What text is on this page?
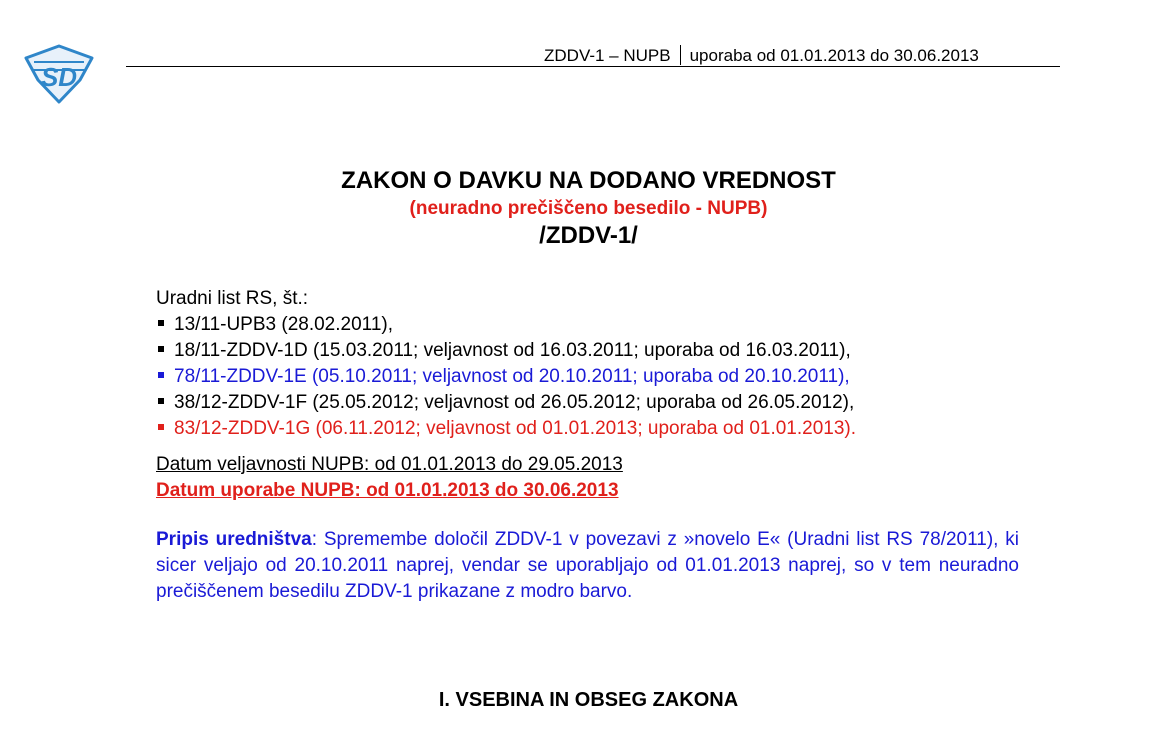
SD
ZDDV-1 – NUPB uporaba od 01.01.2013 do 30.06.2013
ZAKON O DAVKU NA DODANO VREDNOST
(neuradno prečiščeno besedilo - NUPB)
/ZDDV-1/
Uradni list RS, št.:
13/11-UPB3 (28.02.2011),
18/11-ZDDV-1D (15.03.2011; veljavnost od 16.03.2011; uporaba od 16.03.2011),
78/11-ZDDV-1E (05.10.2011; veljavnost od 20.10.2011; uporaba od 20.10.2011),
38/12-ZDDV-1F (25.05.2012; veljavnost od 26.05.2012; uporaba od 26.05.2012),
83/12-ZDDV-1G (06.11.2012; veljavnost od 01.01.2013; uporaba od 01.01.2013).
Datum veljavnosti NUPB: od 01.01.2013 do 29.05.2013
Datum uporabe NUPB: od 01.01.2013 do 30.06.2013
Pripis uredništva: Spremembe določil ZDDV-1 v povezavi z »novelo E« (Uradni list RS 78/2011), ki sicer veljajo od 20.10.2011 naprej, vendar se uporabljajo od 01.01.2013 naprej, so v tem neuradno prečiščenem besedilu ZDDV-1 prikazane z modro barvo.
I. VSEBINA IN OBSEG ZAKONA
